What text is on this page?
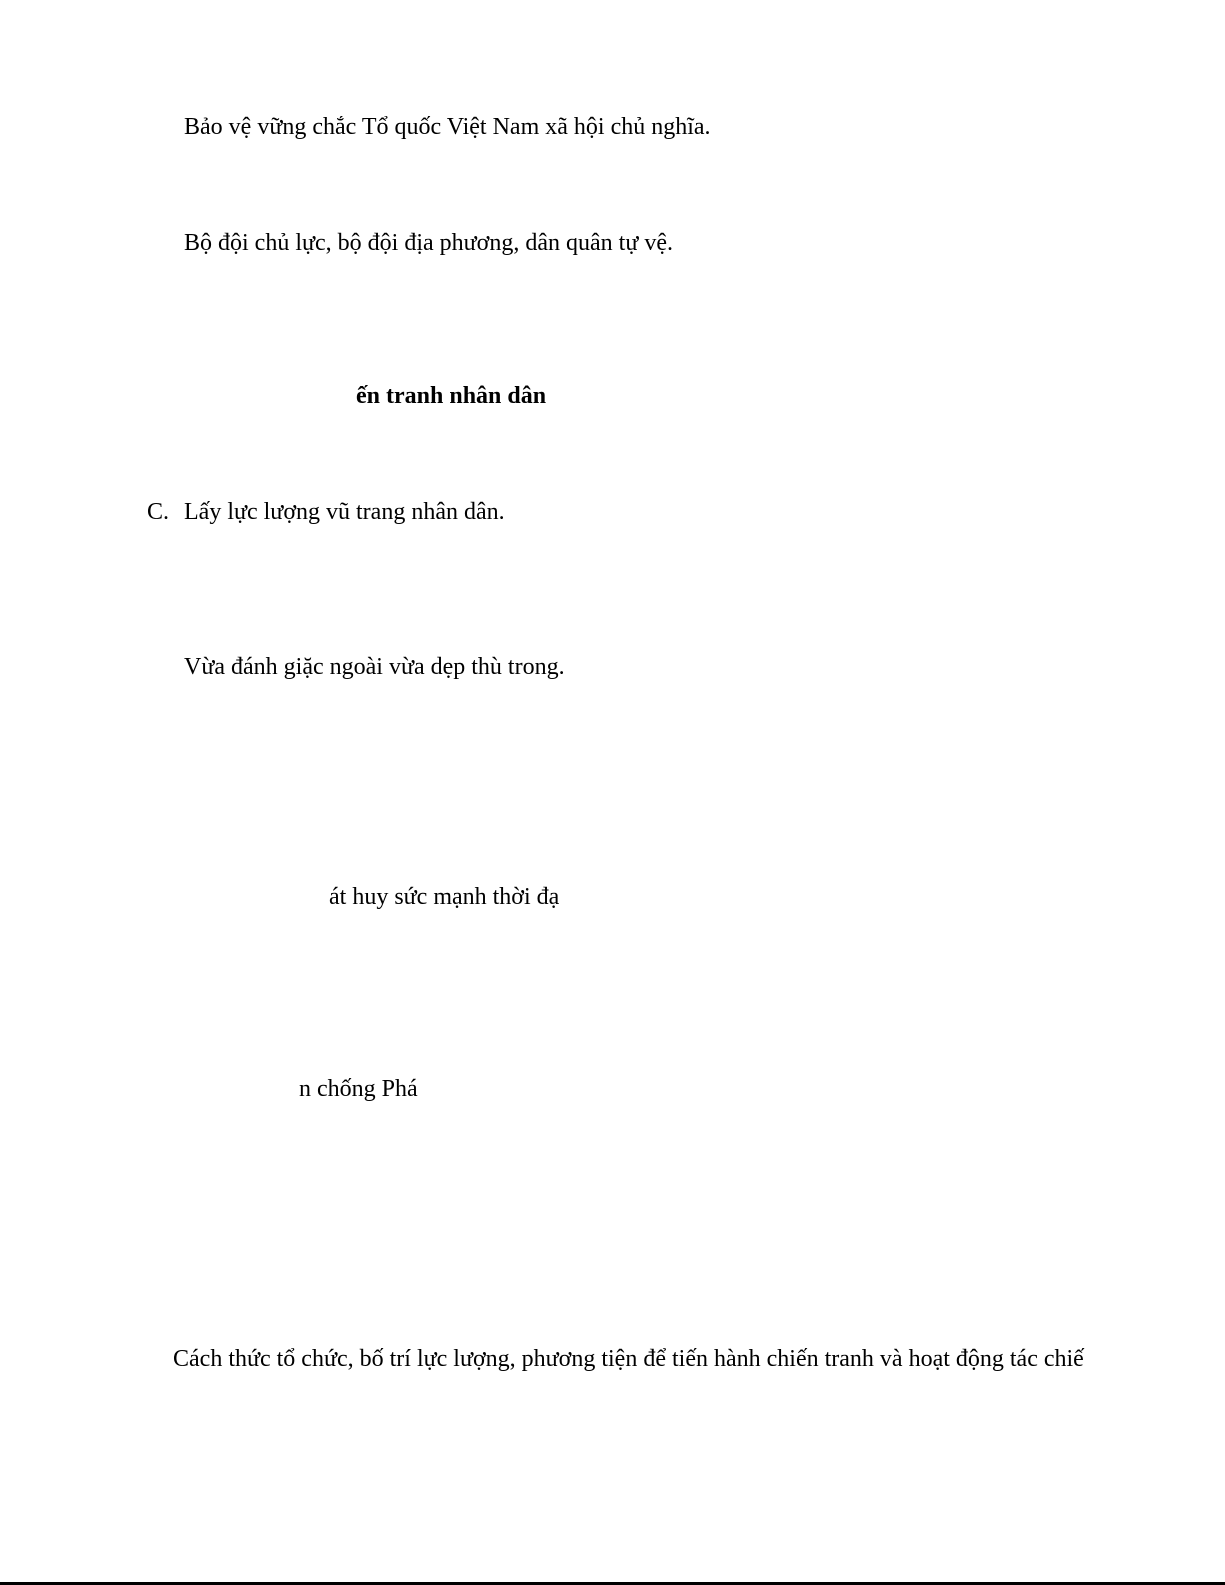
Bảo vệ vững chắc Tổ quốc Việt Nam xã hội chủ nghĩa.

Bộ đội chủ lực, bộ đội địa phương, dân quân tự vệ.

ến tranh nhân dân

C. Lấy lực lượng vũ trang nhân dân.

Vừa đánh giặc ngoài vừa dẹp thù trong.

át huy sức mạnh thời đạ

n chống Phá

Cách thức tổ chức, bố trí lực lượng, phương tiện để tiến hành chiến tranh và hoạt động tác chiế
